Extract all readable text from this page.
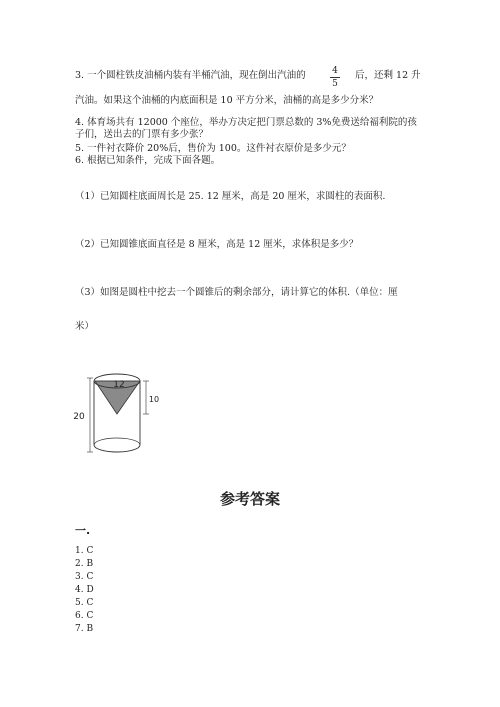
3. 一个圆柱铁皮油桶内装有半桶汽油，现在倒出汽油的	4
5
后，还剩 12 升
汽油。如果这个油桶的内底面积是 10 平方分米，油桶的高是多少分米？
4. 体育场共有 12000 个座位，举办方决定把门票总数的 3%免费送给福利院的孩
子们，送出去的门票有多少张？
5. 一件衬衣降价 20%后，售价为 100。这件衬衣原价是多少元？
6. 根据已知条件，完成下面各题。
（1）已知圆柱底面周长是 25. 12 厘米，高是 20 厘米，求圆柱的表面积.
（2）已知圆锥底面直径是 8 厘米，高是 12 厘米，求体积是多少？
（3）如图是圆柱中挖去一个圆锥后的剩余部分，请计算它的体积.（单位：厘
米）
12
20
10
参考答案
一.
1. C
2. B
3. C
4. D
5. C
6. C
7. B
